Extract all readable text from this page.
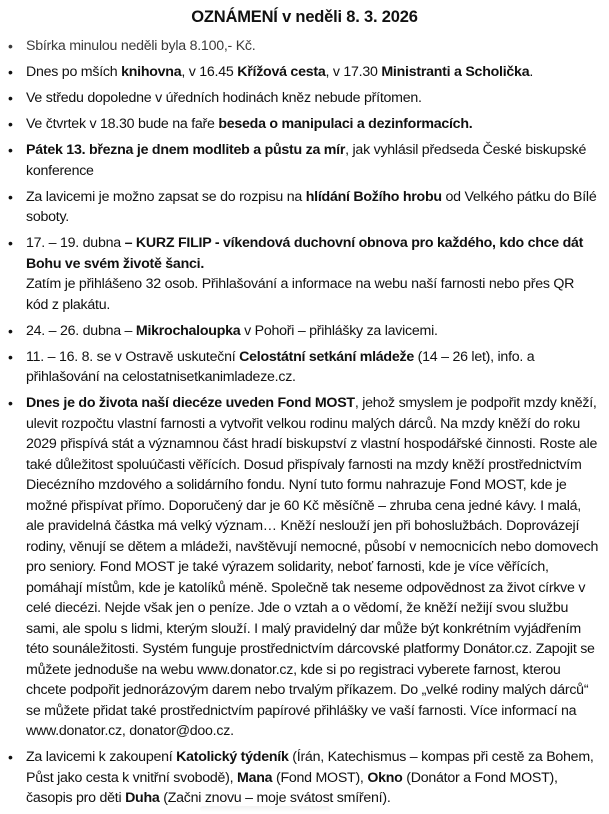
OZNÁMENÍ v neděli 8. 3. 2026
• Sbírka minulou neděli byla 8.100,- Kč.
• Dnes po mších knihovna, v 16.45 Křížová cesta, v 17.30 Ministranti a Scholička.
• Ve středu dopoledne v úředních hodinách kněz nebude přítomen.
• Ve čtvrtek v 18.30 bude na faře beseda o manipulaci a dezinformacích.
• Pátek 13. března je dnem modliteb a půstu za mír, jak vyhlásil předseda České biskupské konference
• Za lavicemi je možno zapsat se do rozpisu na hlídání Božího hrobu od Velkého pátku do Bílé soboty.
• 17. – 19. dubna – KURZ FILIP - víkendová duchovní obnova pro každého, kdo chce dát Bohu ve svém životě šanci.
Zatím je přihlášeno 32 osob. Přihlašování a informace na webu naší farnosti nebo přes QR kód z plakátu.
• 24. – 26. dubna – Mikrochaloupka v Pohoři – přihlášky za lavicemi.
• 11. – 16. 8. se v Ostravě uskuteční Celostátní setkání mládeže (14 – 26 let), info. a přihlašování na celostatnisetkanimladeze.cz.
• Dnes je do života naší diecéze uveden Fond MOST, jehož smyslem je podpořit mzdy kněží, ulevit rozpočtu vlastní farnosti a vytvořit velkou rodinu malých dárců. Na mzdy kněží do roku 2029 přispívá stát a významnou část hradí biskupství z vlastní hospodářské činnosti. Roste ale také důležitost spoluúčasti věřících. Dosud přispívaly farnosti na mzdy kněží prostřednictvím Diecézního mzdového a solidárního fondu. Nyní tuto formu nahrazuje Fond MOST, kde je možné přispívat přímo. Doporučený dar je 60 Kč měsíčně – zhruba cena jedné kávy. I malá, ale pravidelná částka má velký význam… Kněží neslouží jen při bohoslužbách. Doprovázejí rodiny, věnují se dětem a mládeži, navštěvují nemocné, působí v nemocnicích nebo domovech pro seniory. Fond MOST je také výrazem solidarity, neboť farnosti, kde je více věřících, pomáhají místům, kde je katolíků méně. Společně tak neseme odpovědnost za život církve v celé diecézi. Nejde však jen o peníze. Jde o vztah a o vědomí, že kněží nežijí svou službu sami, ale spolu s lidmi, kterým slouží. I malý pravidelný dar může být konkrétním vyjádřením této sounáležitosti. Systém funguje prostřednictvím dárcovské platformy Donátor.cz. Zapojit se můžete jednoduše na webu www.donator.cz, kde si po registraci vyberete farnost, kterou chcete podpořit jednorázovým darem nebo trvalým příkazem. Do „velké rodiny malých dárců“ se můžete přidat také prostřednictvím papírové přihlášky ve vaší farnosti. Více informací na www.donator.cz, donator@doo.cz.
• Za lavicemi k zakoupení Katolický týdeník (Írán, Katechismus – kompas při cestě za Bohem, Půst jako cesta k vnitřní svobodě), Mana (Fond MOST), Okno (Donátor a Fond MOST), časopis pro děti Duha (Začni znovu – moje svátost smíření).
